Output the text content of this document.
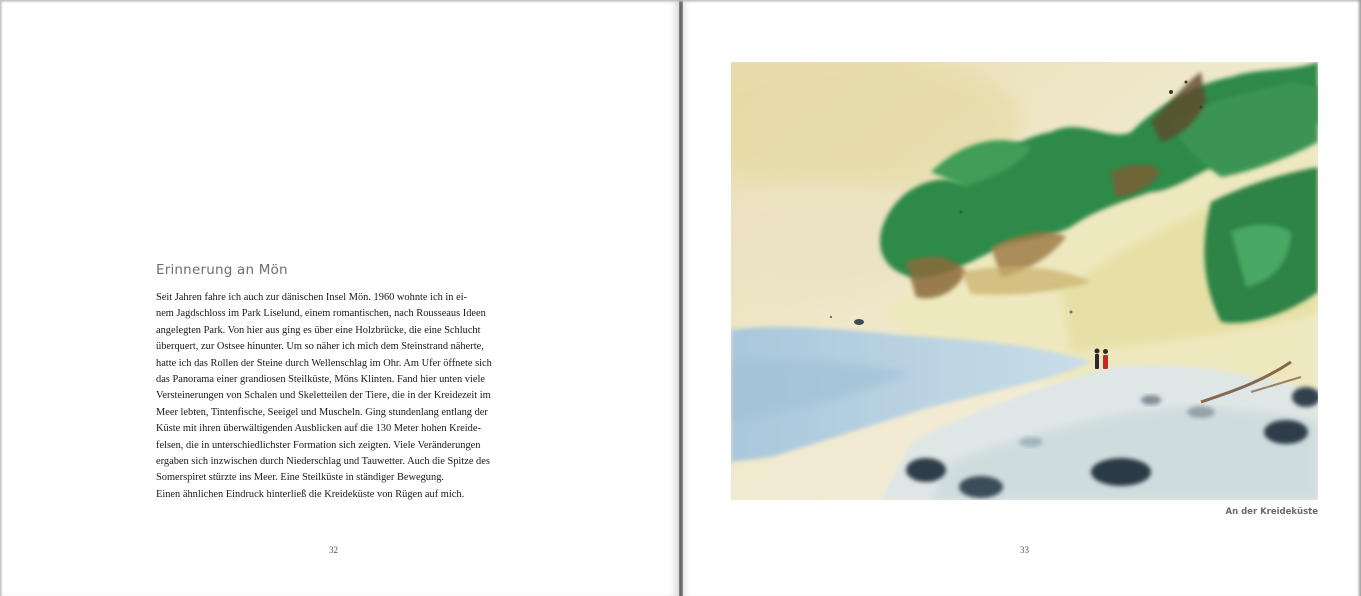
Erinnerung an Mön

Seit Jahren fahre ich auch zur dänischen Insel Mön. 1960 wohnte ich in ei-
nem Jagdschloss im Park Liselund, einem romantischen, nach Rousseaus Ideen
angelegten Park. Von hier aus ging es über eine Holzbrücke, die eine Schlucht
überquert, zur Ostsee hinunter. Um so näher ich mich dem Steinstrand näherte,
hatte ich das Rollen der Steine durch Wellenschlag im Ohr. Am Ufer öffnete sich
das Panorama einer grandiosen Steilküste, Möns Klinten. Fand hier unten viele
Versteinerungen von Schalen und Skeletteilen der Tiere, die in der Kreidezeit im
Meer lebten, Tintenfische, Seeigel und Muscheln. Ging stundenlang entlang der
Küste mit ihren überwältigenden Ausblicken auf die 130 Meter hohen Kreide-
felsen, die in unterschiedlichster Formation sich zeigten. Viele Veränderungen
ergaben sich inzwischen durch Niederschlag und Tauwetter. Auch die Spitze des
Somerspiret stürzte ins Meer. Eine Steilküste in ständiger Bewegung.
Einen ähnlichen Eindruck hinterließ die Kreideküste von Rügen auf mich.

32
An der Kreideküste
33
